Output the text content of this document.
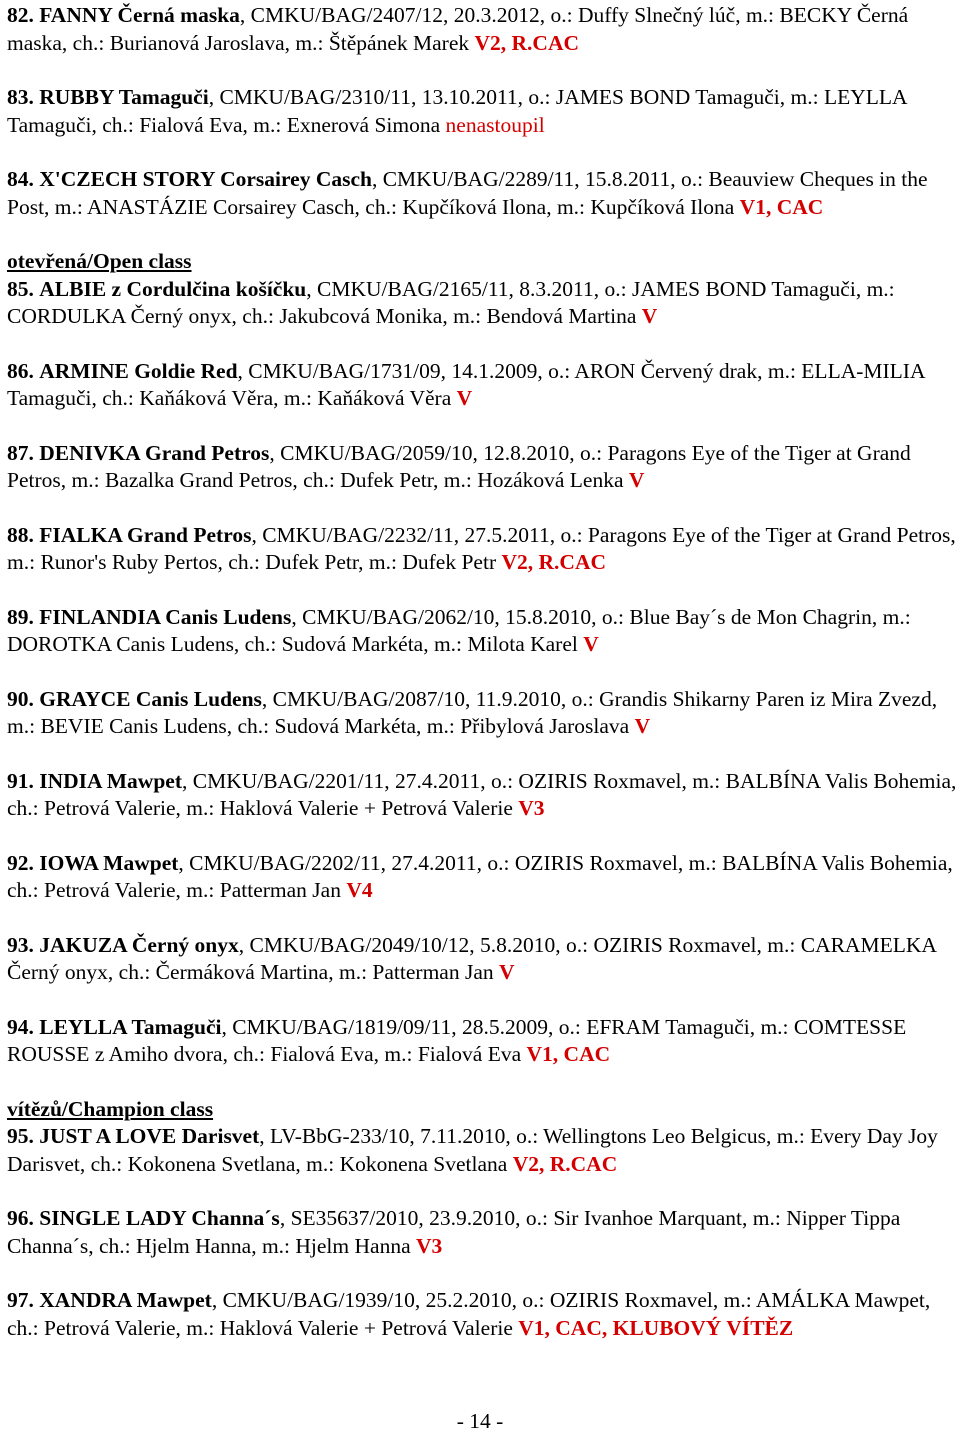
82. FANNY Černá maska, CMKU/BAG/2407/12, 20.3.2012, o.: Duffy Slnečný lúč, m.: BECKY Černá maska, ch.: Burianová Jaroslava, m.: Štěpánek Marek V2, R.CAC
83. RUBBY Tamaguči, CMKU/BAG/2310/11, 13.10.2011, o.: JAMES BOND Tamaguči, m.: LEYLLA Tamaguči, ch.: Fialová Eva, m.: Exnerová Simona nenastoupil
84. X'CZECH STORY Corsairey Casch, CMKU/BAG/2289/11, 15.8.2011, o.: Beauview Cheques in the Post, m.: ANASTÁZIE Corsairey Casch, ch.: Kupčíková Ilona, m.: Kupčíková Ilona V1, CAC
otevřená/Open class
85. ALBIE z Cordulčina košíčku, CMKU/BAG/2165/11, 8.3.2011, o.: JAMES BOND Tamaguči, m.: CORDULKA Černý onyx, ch.: Jakubcová Monika, m.: Bendová Martina V
86. ARMINE Goldie Red, CMKU/BAG/1731/09, 14.1.2009, o.: ARON Červený drak, m.: ELLA-MILIA Tamaguči, ch.: Kaňáková Věra, m.: Kaňáková Věra V
87. DENIVKA Grand Petros, CMKU/BAG/2059/10, 12.8.2010, o.: Paragons Eye of the Tiger at Grand Petros, m.: Bazalka Grand Petros, ch.: Dufek Petr, m.: Hozáková Lenka V
88. FIALKA Grand Petros, CMKU/BAG/2232/11, 27.5.2011, o.: Paragons Eye of the Tiger at Grand Petros, m.: Runor's Ruby Pertos, ch.: Dufek Petr, m.: Dufek Petr V2, R.CAC
89. FINLANDIA Canis Ludens, CMKU/BAG/2062/10, 15.8.2010, o.: Blue Bay´s de Mon Chagrin, m.: DOROTKA Canis Ludens, ch.: Sudová Markéta, m.: Milota Karel V
90. GRAYCE Canis Ludens, CMKU/BAG/2087/10, 11.9.2010, o.: Grandis Shikarny Paren iz Mira Zvezd, m.: BEVIE Canis Ludens, ch.: Sudová Markéta, m.: Přibylová Jaroslava V
91. INDIA Mawpet, CMKU/BAG/2201/11, 27.4.2011, o.: OZIRIS Roxmavel, m.: BALBÍNA Valis Bohemia, ch.: Petrová Valerie, m.: Haklová Valerie + Petrová Valerie V3
92. IOWA Mawpet, CMKU/BAG/2202/11, 27.4.2011, o.: OZIRIS Roxmavel, m.: BALBÍNA Valis Bohemia, ch.: Petrová Valerie, m.: Patterman Jan V4
93. JAKUZA Černý onyx, CMKU/BAG/2049/10/12, 5.8.2010, o.: OZIRIS Roxmavel, m.: CARAMELKA Černý onyx, ch.: Čermáková Martina, m.: Patterman Jan V
94. LEYLLA Tamaguči, CMKU/BAG/1819/09/11, 28.5.2009, o.: EFRAM Tamaguči, m.: COMTESSE ROUSSE z Amiho dvora, ch.: Fialová Eva, m.: Fialová Eva V1, CAC
vítězů/Champion class
95. JUST A LOVE Darisvet, LV-BbG-233/10, 7.11.2010, o.: Wellingtons Leo Belgicus, m.: Every Day Joy Darisvet, ch.: Kokonena Svetlana, m.: Kokonena Svetlana V2, R.CAC
96. SINGLE LADY Channa´s, SE35637/2010, 23.9.2010, o.: Sir Ivanhoe Marquant, m.: Nipper Tippa Channa´s, ch.: Hjelm Hanna, m.: Hjelm Hanna V3
97. XANDRA Mawpet, CMKU/BAG/1939/10, 25.2.2010, o.: OZIRIS Roxmavel, m.: AMÁLKA Mawpet, ch.: Petrová Valerie, m.: Haklová Valerie + Petrová Valerie V1, CAC, KLUBOVÝ VÍTĚZ
- 14 -
